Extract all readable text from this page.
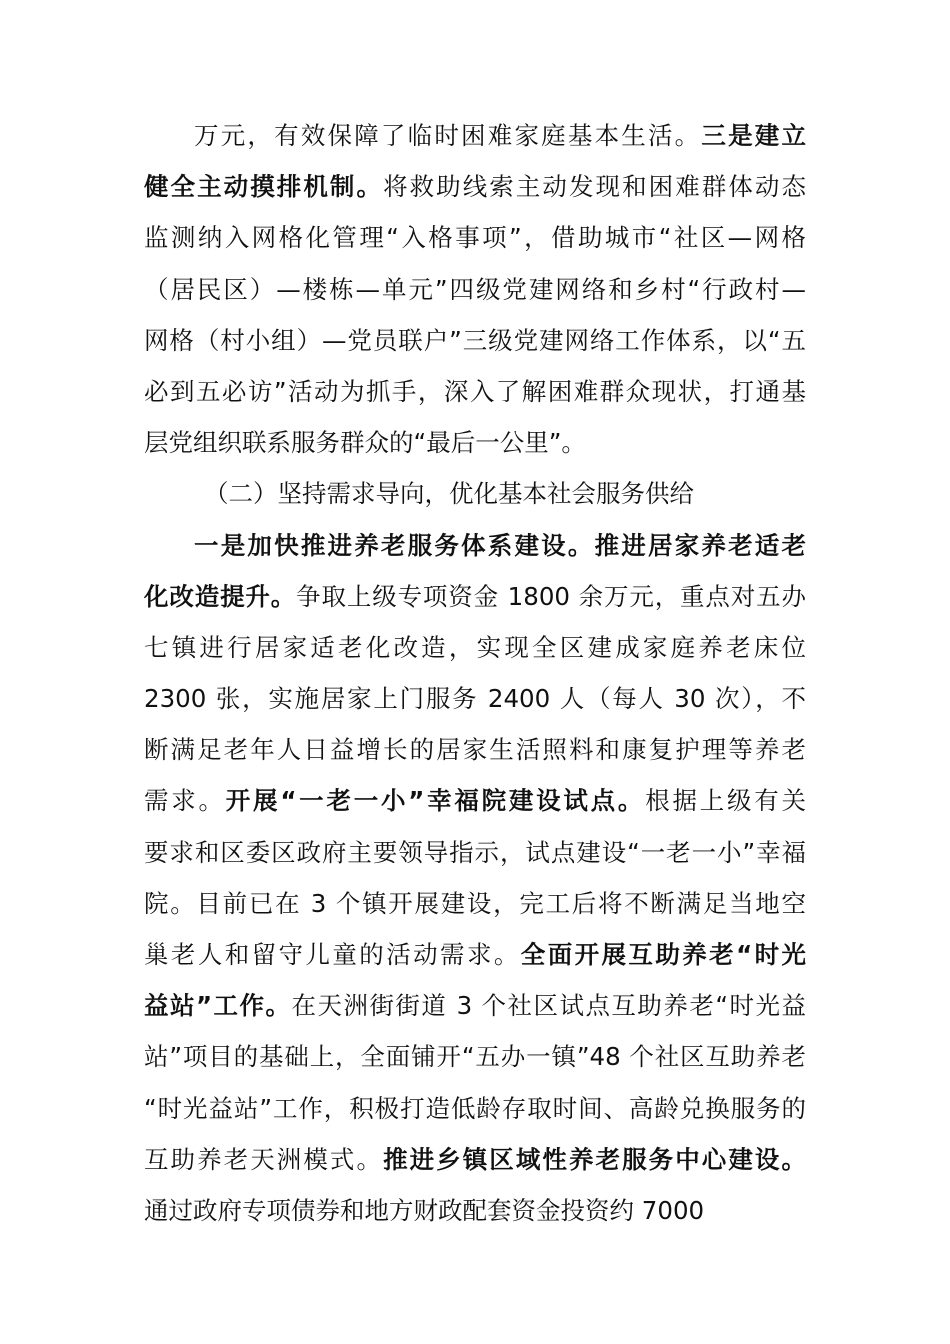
万元，有效保障了临时困难家庭基本生活。三是建立
健全主动摸排机制。将救助线索主动发现和困难群体动态
监测纳入网格化管理“入格事项”，借助城市“社区—网格
（居民区）—楼栋—单元”四级党建网络和乡村“行政村—
网格（村小组）—党员联户”三级党建网络工作体系，以“五
必到五必访”活动为抓手，深入了解困难群众现状，打通基
层党组织联系服务群众的“最后一公里”。
（二）坚持需求导向，优化基本社会服务供给
一是加快推进养老服务体系建设。推进居家养老适老
化改造提升。争取上级专项资金 1800 余万元，重点对五办
七镇进行居家适老化改造，实现全区建成家庭养老床位
2300 张，实施居家上门服务 2400 人（每人 30 次），不
断满足老年人日益增长的居家生活照料和康复护理等养老
需求。开展“一老一小”幸福院建设试点。根据上级有关
要求和区委区政府主要领导指示，试点建设“一老一小”幸福
院。目前已在 3 个镇开展建设，完工后将不断满足当地空
巢老人和留守儿童的活动需求。全面开展互助养老“时光
益站”工作。在天洲街街道 3 个社区试点互助养老“时光益
站”项目的基础上，全面铺开“五办一镇”48 个社区互助养老
“时光益站”工作，积极打造低龄存取时间、高龄兑换服务的
互助养老天洲模式。推进乡镇区域性养老服务中心建设。
通过政府专项债券和地方财政配套资金投资约 7000
